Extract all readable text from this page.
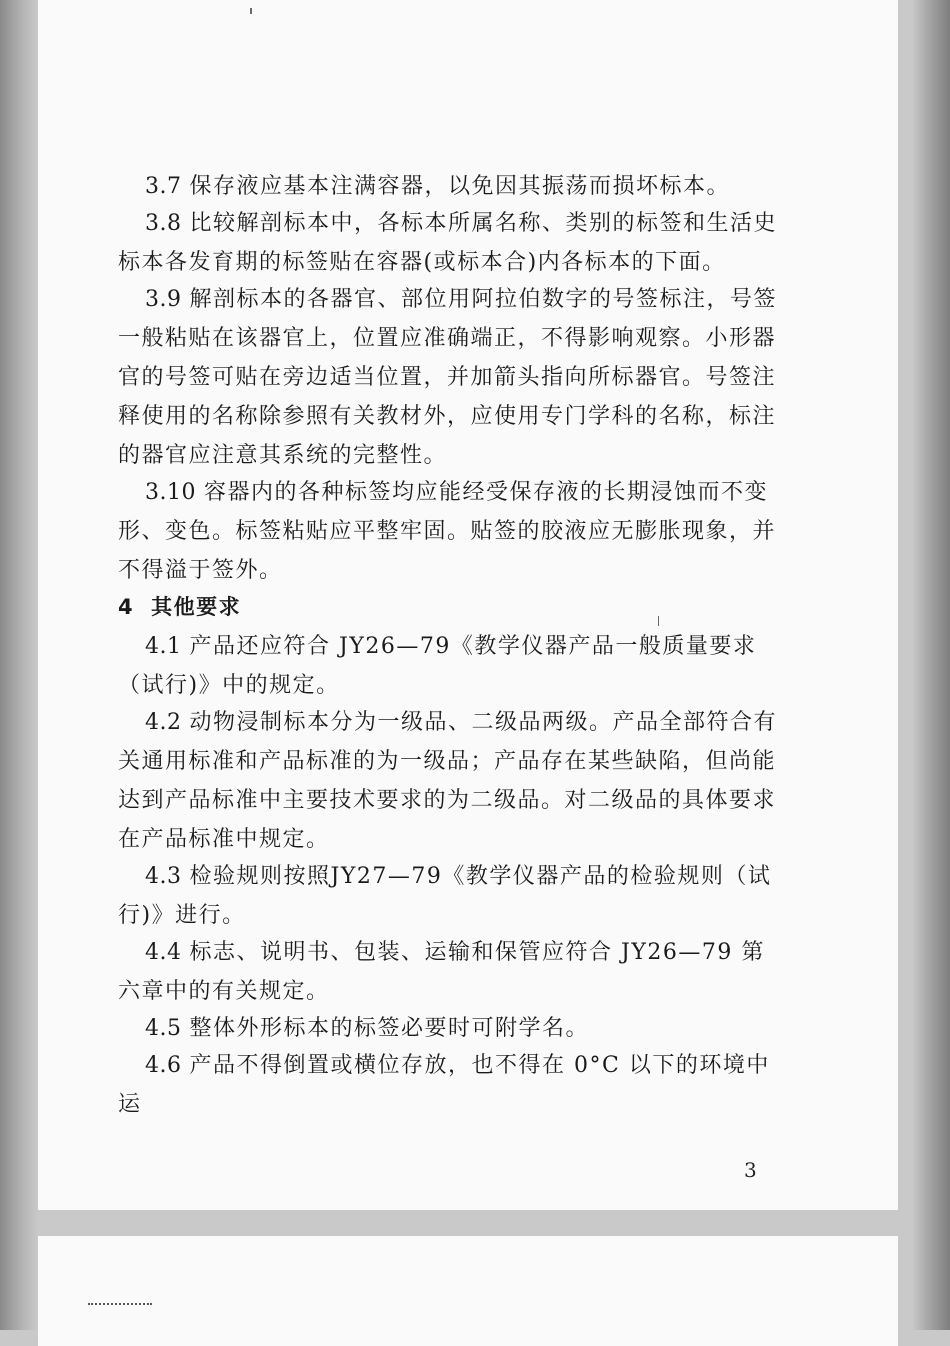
3.7 保存液应基本注满容器，以免因其振荡而损坏标本。

3.8 比较解剖标本中，各标本所属名称、类别的标签和生活史标本各发育期的标签贴在容器(或标本合)内各标本的下面。

3.9 解剖标本的各器官、部位用阿拉伯数字的号签标注，号签一般粘贴在该器官上，位置应准确端正，不得影响观察。小形器官的号签可贴在旁边适当位置，并加箭头指向所标器官。号签注释使用的名称除参照有关教材外，应使用专门学科的名称，标注的器官应注意其系统的完整性。

3.10 容器内的各种标签均应能经受保存液的长期浸蚀而不变形、变色。标签粘贴应平整牢固。贴签的胶液应无膨胀现象，并不得溢于签外。

4 其他要求

4.1 产品还应符合 JY26—79《教学仪器产品一般质量要求（试行)》中的规定。

4.2 动物浸制标本分为一级品、二级品两级。产品全部符合有关通用标准和产品标准的为一级品；产品存在某些缺陷，但尚能达到产品标准中主要技术要求的为二级品。对二级品的具体要求在产品标准中规定。

4.3 检验规则按照JY27—79《教学仪器产品的检验规则（试行)》进行。

4.4 标志、说明书、包装、运输和保管应符合 JY26—79 第六章中的有关规定。

4.5 整体外形标本的标签必要时可附学名。

4.6 产品不得倒置或横位存放，也不得在 0°C 以下的环境中运

3
